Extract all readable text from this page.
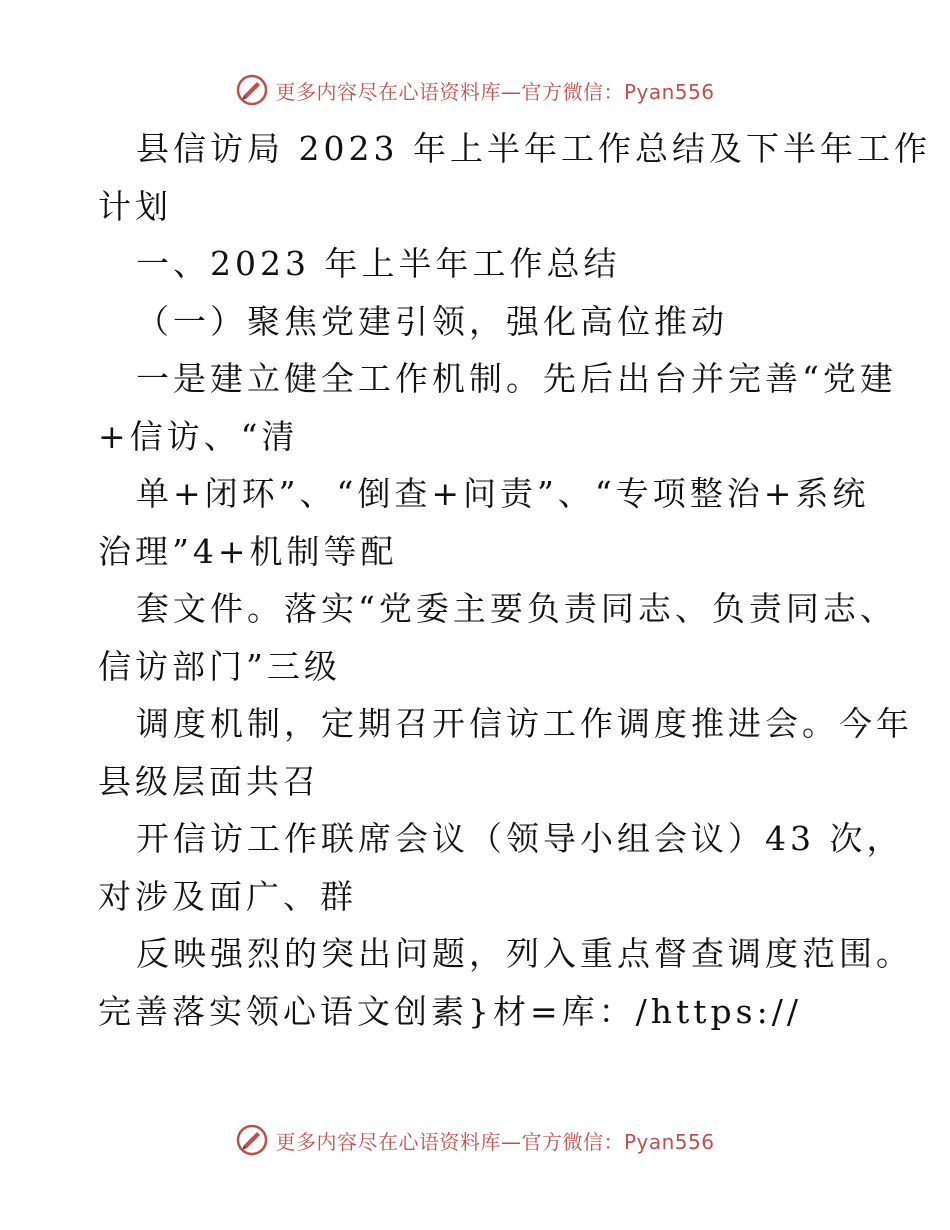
更多内容尽在心语资料库—官方微信：Pyan556
县信访局 2023 年上半年工作总结及下半年工作
计划
一、2023 年上半年工作总结
（一）聚焦党建引领，强化高位推动
一是建立健全工作机制。先后出台并完善“党建
+信访、“清
单+闭环”、“倒查+问责”、“专项整治+系统
治理”4+机制等配
套文件。落实“党委主要负责同志、负责同志、
信访部门”三级
调度机制，定期召开信访工作调度推进会。今年
县级层面共召
开信访工作联席会议（领导小组会议）43 次，
对涉及面广、群
反映强烈的突出问题，列入重点督查调度范围。
完善落实领心语文创素}材=库：/https://
更多内容尽在心语资料库—官方微信：Pyan556
